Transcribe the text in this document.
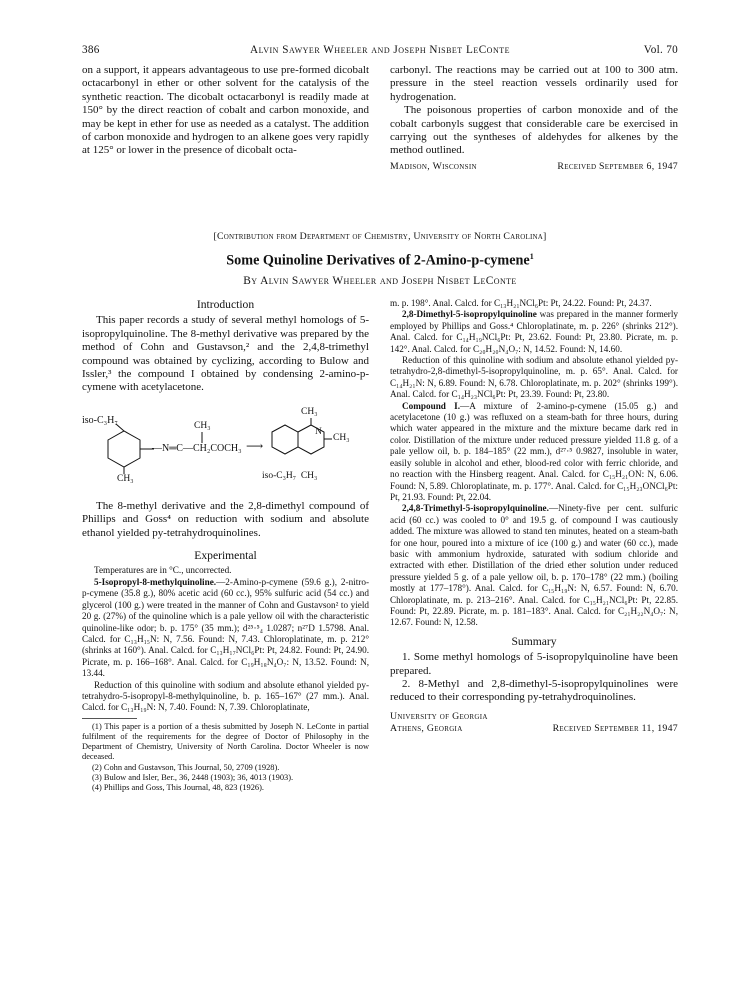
386	Alvin Sawyer Wheeler and Joseph Nisbet LeConte	Vol. 70

on a support, it appears advantageous to use pre-formed dicobalt octacarbonyl in ether or other solvent for the catalysis of the synthetic reaction. The dicobalt octacarbonyl is readily made at 150° by the direct reaction of cobalt and carbon monoxide, and may be kept in ether for use as needed as a catalyst. The addition of carbon monoxide and hydrogen to an alkene goes very rapidly at 125° or lower in the presence of dicobalt octa-

carbonyl. The reactions may be carried out at 100 to 300 atm. pressure in the steel reaction vessels ordinarily used for hydrogenation.

The poisonous properties of carbon monoxide and of the cobalt carbonyls suggest that considerable care be exercised in carrying out the syntheses of aldehydes for alkenes by the method outlined.

Madison, Wisconsin	Received September 6, 1947
[Contribution from Department of Chemistry, University of North Carolina]
Some Quinoline Derivatives of 2-Amino-p-cymene$^1$
By Alvin Sawyer Wheeler and Joseph Nisbet LeConte
Introduction

This paper records a study of several methyl homologs of 5-isopropylquinoline. The 8-methyl derivative was prepared by the method of Cohn and Gustavson,² and the 2,4,8-trimethyl compound was obtained by cyclizing, according to Bulow and Issler,³ the compound I obtained by condensing 2-amino-p-cymene with acetylacetone.

iso-C₃H₇	CH₃
CH₃
—N═C—CH₂COCH₃ ⟶
CH₃
N
CH₃
iso-C₃H₇  CH₃

The 8-methyl derivative and the 2,8-dimethyl compound of Phillips and Goss⁴ on reduction with sodium and absolute ethanol yielded py-tetrahydroquinolines.

Experimental

Temperatures are in °C., uncorrected.

5-Isopropyl-8-methylquinoline.—2-Amino-p-cymene (59.6 g.), 2-nitro-p-cymene (35.8 g.), 80% acetic acid (60 cc.), 95% sulfuric acid (54 cc.) and glycerol (100 g.) were treated in the manner of Cohn and Gustavson² to yield 20 g. (27%) of the quinoline which is a pale yellow oil with the characteristic quinoline-like odor; b. p. 175° (35 mm.); d²⁵·⁵₄ 1.0287; n²⁷D 1.5798. Anal. Calcd. for C₁₃H₁₅N: N, 7.56. Found: N, 7.43. Chloroplatinate, m. p. 212° (shrinks at 160°). Anal. Calcd. for C₁₃H₁₇NCl₆Pt: Pt, 24.82. Found: Pt, 24.90. Picrate, m. p. 166–168°. Anal. Calcd. for C₁₉H₁₈N₄O₇: N, 13.52. Found: N, 13.44.

Reduction of this quinoline with sodium and absolute ethanol yielded py-tetrahydro-5-isopropyl-8-methylquinoline, b. p. 165–167° (27 mm.). Anal. Calcd. for C₁₃H₁₉N: N, 7.40. Found: N, 7.39. Chloroplatinate,

(1) This paper is a portion of a thesis submitted by Joseph N. LeConte in partial fulfilment of the requirements for the degree of Doctor of Philosophy in the Department of Chemistry, University of North Carolina. Doctor Wheeler is now deceased.
(2) Cohn and Gustavson, This Journal, 50, 2709 (1928).
(3) Bulow and Isler, Ber., 36, 2448 (1903); 36, 4013 (1903).
(4) Phillips and Goss, This Journal, 48, 823 (1926).

m. p. 198°. Anal. Calcd. for C₁₃H₂₁NCl₆Pt: Pt, 24.22. Found: Pt, 24.37.

2,8-Dimethyl-5-isopropylquinoline was prepared in the manner formerly employed by Phillips and Goss.⁴ Chloroplatinate, m. p. 226° (shrinks 212°). Anal. Calcd. for C₁₄H₁₉NCl₆Pt: Pt, 23.62. Found: Pt, 23.80. Picrate, m. p. 142°. Anal. Calcd. for C₂₀H₂₀N₄O₇: N, 14.52. Found: N, 14.60.

Reduction of this quinoline with sodium and absolute ethanol yielded py-tetrahydro-2,8-dimethyl-5-isopropylquinoline, m. p. 65°. Anal. Calcd. for C₁₄H₂₁N: N, 6.89. Found: N, 6.78. Chloroplatinate, m. p. 202° (shrinks 199°). Anal. Calcd. for C₁₄H₂₃NCl₆Pt: Pt, 23.39. Found: Pt, 23.80.

Compound I.—A mixture of 2-amino-p-cymene (15.05 g.) and acetylacetone (10 g.) was refluxed on a steam-bath for three hours, during which water appeared in the mixture and the mixture became dark red in color. Distillation of the mixture under reduced pressure yielded 11.8 g. of a pale yellow oil, b. p. 184–185° (22 mm.), d²⁷·⁵ 0.9827, insoluble in water, easily soluble in alcohol and ether, blood-red color with ferric chloride, and no reaction with the Hinsberg reagent. Anal. Calcd. for C₁₅H₂₁ON: N, 6.06. Found: N, 5.89. Chloroplatinate, m. p. 177°. Anal. Calcd. for C₁₅H₂₃ONCl₆Pt: Pt, 21.93. Found: Pt, 22.04.

2,4,8-Trimethyl-5-isopropylquinoline.—Ninety-five per cent. sulfuric acid (60 cc.) was cooled to 0° and 19.5 g. of compound I was cautiously added. The mixture was allowed to stand ten minutes, heated on a steam-bath for one hour, poured into a mixture of ice (100 g.) and water (60 cc.), made basic with ammonium hydroxide, saturated with sodium chloride and extracted with ether. Distillation of the dried ether solution under reduced pressure yielded 5 g. of a pale yellow oil, b. p. 170–178° (22 mm.) (boiling mostly at 177–178°). Anal. Calcd. for C₁₅H₁₉N: N, 6.57. Found: N, 6.70. Chloroplatinate, m. p. 213–216°. Anal. Calcd. for C₁₅H₂₁NCl₆Pt: Pt, 22.85. Found: Pt, 22.89. Picrate, m. p. 181–183°. Anal. Calcd. for C₂₁H₂₂N₄O₇: N, 12.67. Found: N, 12.58.

Summary

1. Some methyl homologs of 5-isopropylquinoline have been prepared.

2. 8-Methyl and 2,8-dimethyl-5-isopropylquinolines were reduced to their corresponding py-tetrahydroquinolines.

University of Georgia
Athens, Georgia	Received September 11, 1947
